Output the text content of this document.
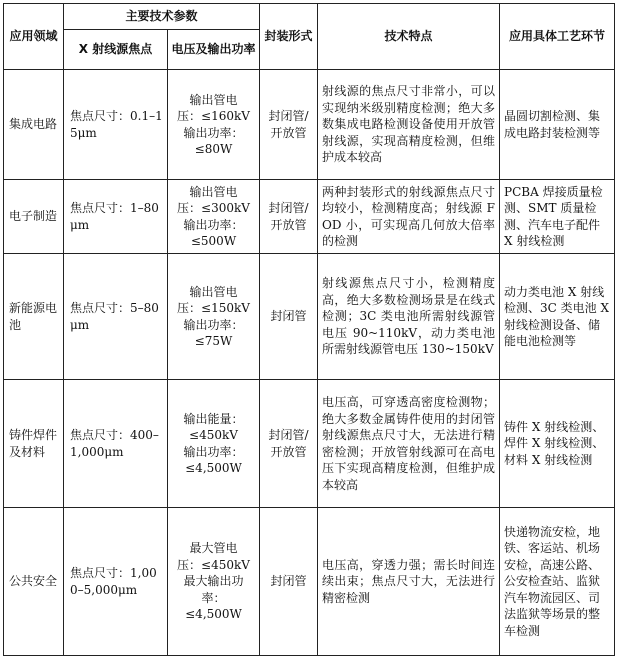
应用领域	主要技术参数		封装形式	技术特点	应用具体工艺环节
	X 射线源焦点	电压及输出功率			
集成电路	焦点尺寸：0.1–15μm	输出管电
压：≤160kV
输出功率：
≤80W	封闭管/开放管	射线源的焦点尺寸非常小，可以实现纳米级别精度检测；绝大多数集成电路检测设备使用开放管射线源，实现高精度检测，但维护成本较高	晶圆切割检测、集成电路封装检测等
电子制造	焦点尺寸：1–80μm	输出管电
压：≤300kV
输出功率：
≤500W	封闭管/开放管	两种封装形式的射线源焦点尺寸均较小，检测精度高；射线源 FOD 小，可实现高几何放大倍率的检测	PCBA 焊接质量检测、SMT 质量检测、汽车电子配件 X 射线检测
新能源电池	焦点尺寸：5–80μm	输出管电
压：≤150kV
输出功率：
≤75W	封闭管	射线源焦点尺寸小，检测精度高，绝大多数检测场景是在线式检测；3C 类电池所需射线源管电压 90~110kV，动力类电池所需射线源管电压 130~150kV	动力类电池 X 射线检测、3C 类电池 X 射线检测设备、储能电池检测等
铸件焊件及材料	焦点尺寸：400–1,000μm	输出能量：
≤450kV
输出功率：
≤4,500W	封闭管/开放管	电压高，可穿透高密度检测物；绝大多数金属铸件使用的封闭管射线源焦点尺寸大，无法进行精密检测；开放管射线源可在高电压下实现高精度检测，但维护成本较高	铸件 X 射线检测、焊件 X 射线检测、材料 X 射线检测
公共安全	焦点尺寸：1,000–5,000μm	最大管电
压：≤450kV
最大输出功
率：
≤4,500W	封闭管	电压高，穿透力强；需长时间连续出束；焦点尺寸大，无法进行精密检测	快递物流安检，地铁、客运站、机场安检，高速公路、公安检查站、监狱汽车物流园区、司法监狱等场景的整车检测
